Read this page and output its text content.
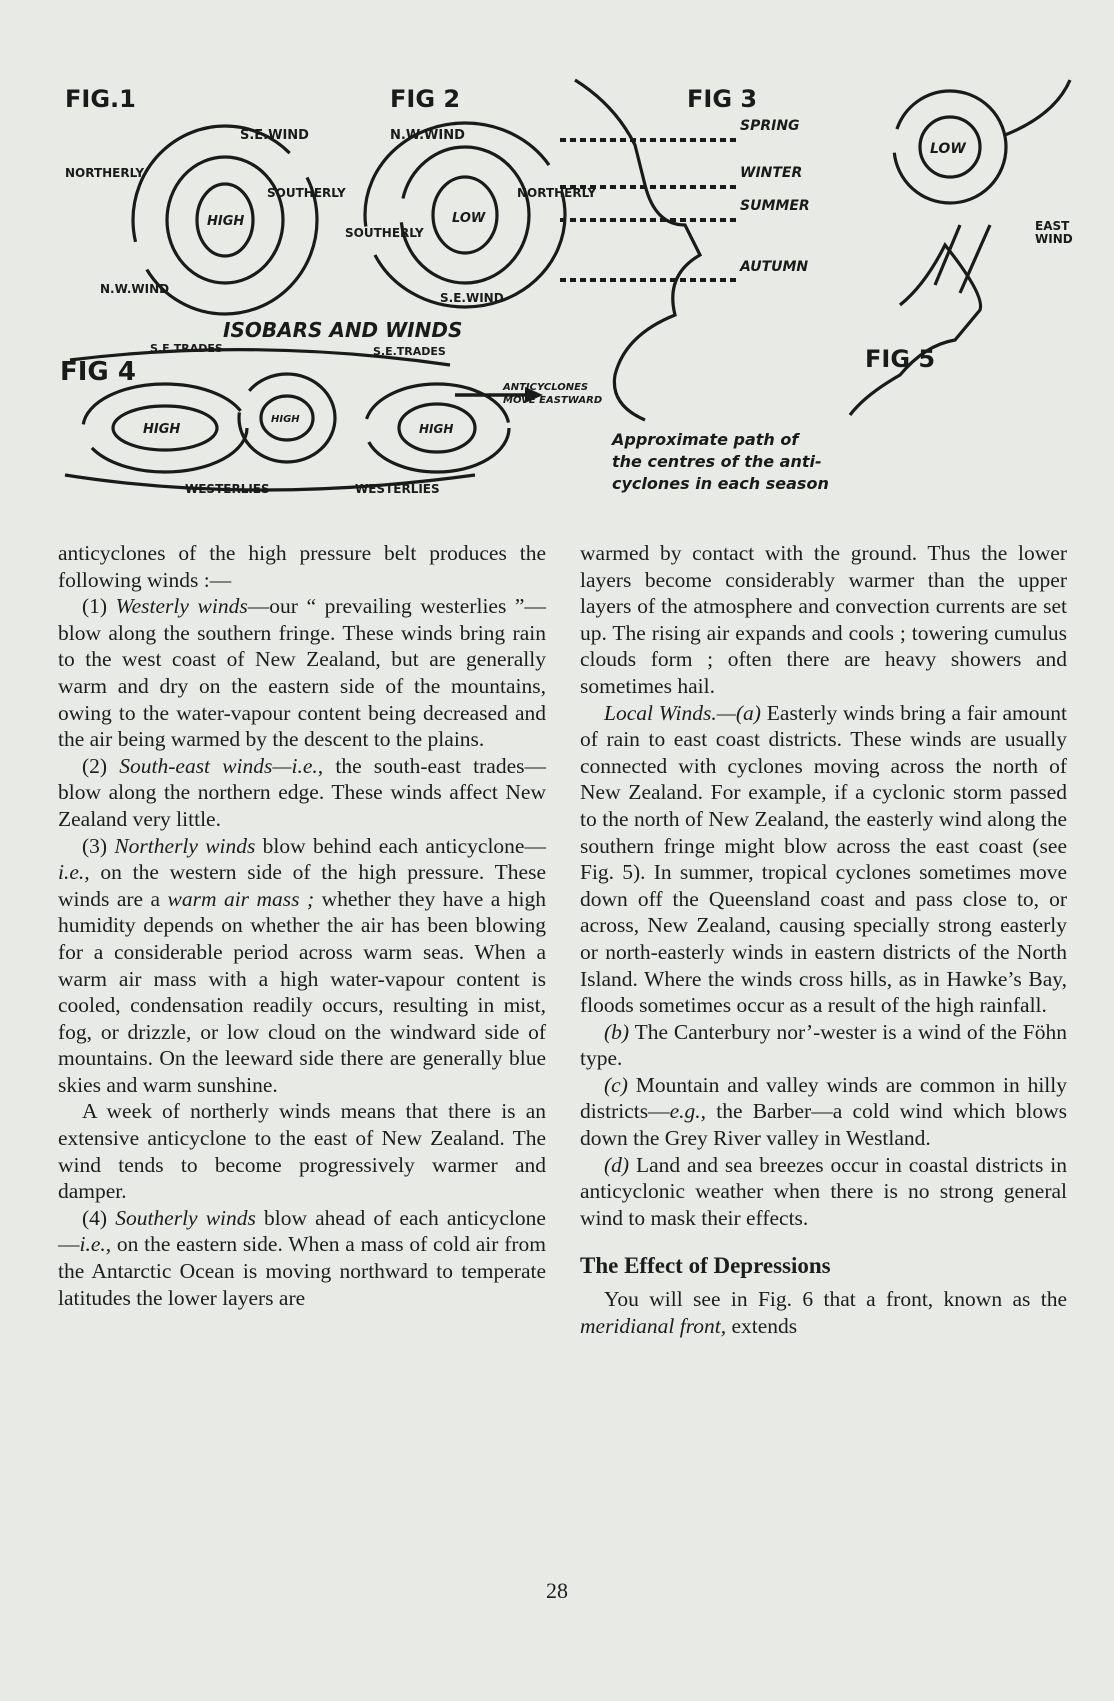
FIG.1
S.E.WIND
NORTHERLY
SOUTHERLY
N.W.WIND
HIGH
FIG 2
N.W.WIND
NORTHERLY
SOUTHERLY
S.E.WIND
LOW
ISOBARS AND WINDS
FIG 3
SPRING
WINTER
SUMMER
AUTUMN
Approximate path of
the centres of the anti-
cyclones in each season
FIG 4
S.E.TRADES	S.E.TRADES
HIGH
HIGH
HIGH
WESTERLIES	WESTERLIES
ANTICYCLONES
MOVE EASTWARD
LOW
EAST
WIND
FIG 5

anticyclones of the high pressure belt produces the following winds :—

(1) Westerly winds—our “ prevailing westerlies ”—blow along the southern fringe. These winds bring rain to the west coast of New Zealand, but are generally warm and dry on the eastern side of the mountains, owing to the water-vapour content being decreased and the air being warmed by the descent to the plains.

(2) South-east winds—i.e., the south-east trades—blow along the northern edge. These winds affect New Zealand very little.

(3) Northerly winds blow behind each anticyclone—i.e., on the western side of the high pressure. These winds are a warm air mass ; whether they have a high humidity depends on whether the air has been blowing for a considerable period across warm seas. When a warm air mass with a high water-vapour content is cooled, condensation readily occurs, resulting in mist, fog, or drizzle, or low cloud on the windward side of mountains. On the leeward side there are generally blue skies and warm sunshine.

A week of northerly winds means that there is an extensive anticyclone to the east of New Zealand. The wind tends to become progressively warmer and damper.

(4) Southerly winds blow ahead of each anticyclone—i.e., on the eastern side. When a mass of cold air from the Antarctic Ocean is moving northward to temperate latitudes the lower layers are

warmed by contact with the ground. Thus the lower layers become considerably warmer than the upper layers of the atmosphere and convection currents are set up. The rising air expands and cools ; towering cumulus clouds form ; often there are heavy showers and sometimes hail.

Local Winds.—(a) Easterly winds bring a fair amount of rain to east coast districts. These winds are usually connected with cyclones moving across the north of New Zealand. For example, if a cyclonic storm passed to the north of New Zealand, the easterly wind along the southern fringe might blow across the east coast (see Fig. 5). In summer, tropical cyclones sometimes move down off the Queensland coast and pass close to, or across, New Zealand, causing specially strong easterly or north-easterly winds in eastern districts of the North Island. Where the winds cross hills, as in Hawke’s Bay, floods sometimes occur as a result of the high rainfall.

(b) The Canterbury nor’-wester is a wind of the Föhn type.

(c) Mountain and valley winds are common in hilly districts—e.g., the Barber—a cold wind which blows down the Grey River valley in Westland.

(d) Land and sea breezes occur in coastal districts in anticyclonic weather when there is no strong general wind to mask their effects.

The Effect of Depressions

You will see in Fig. 6 that a front, known as the meridianal front, extends

28
